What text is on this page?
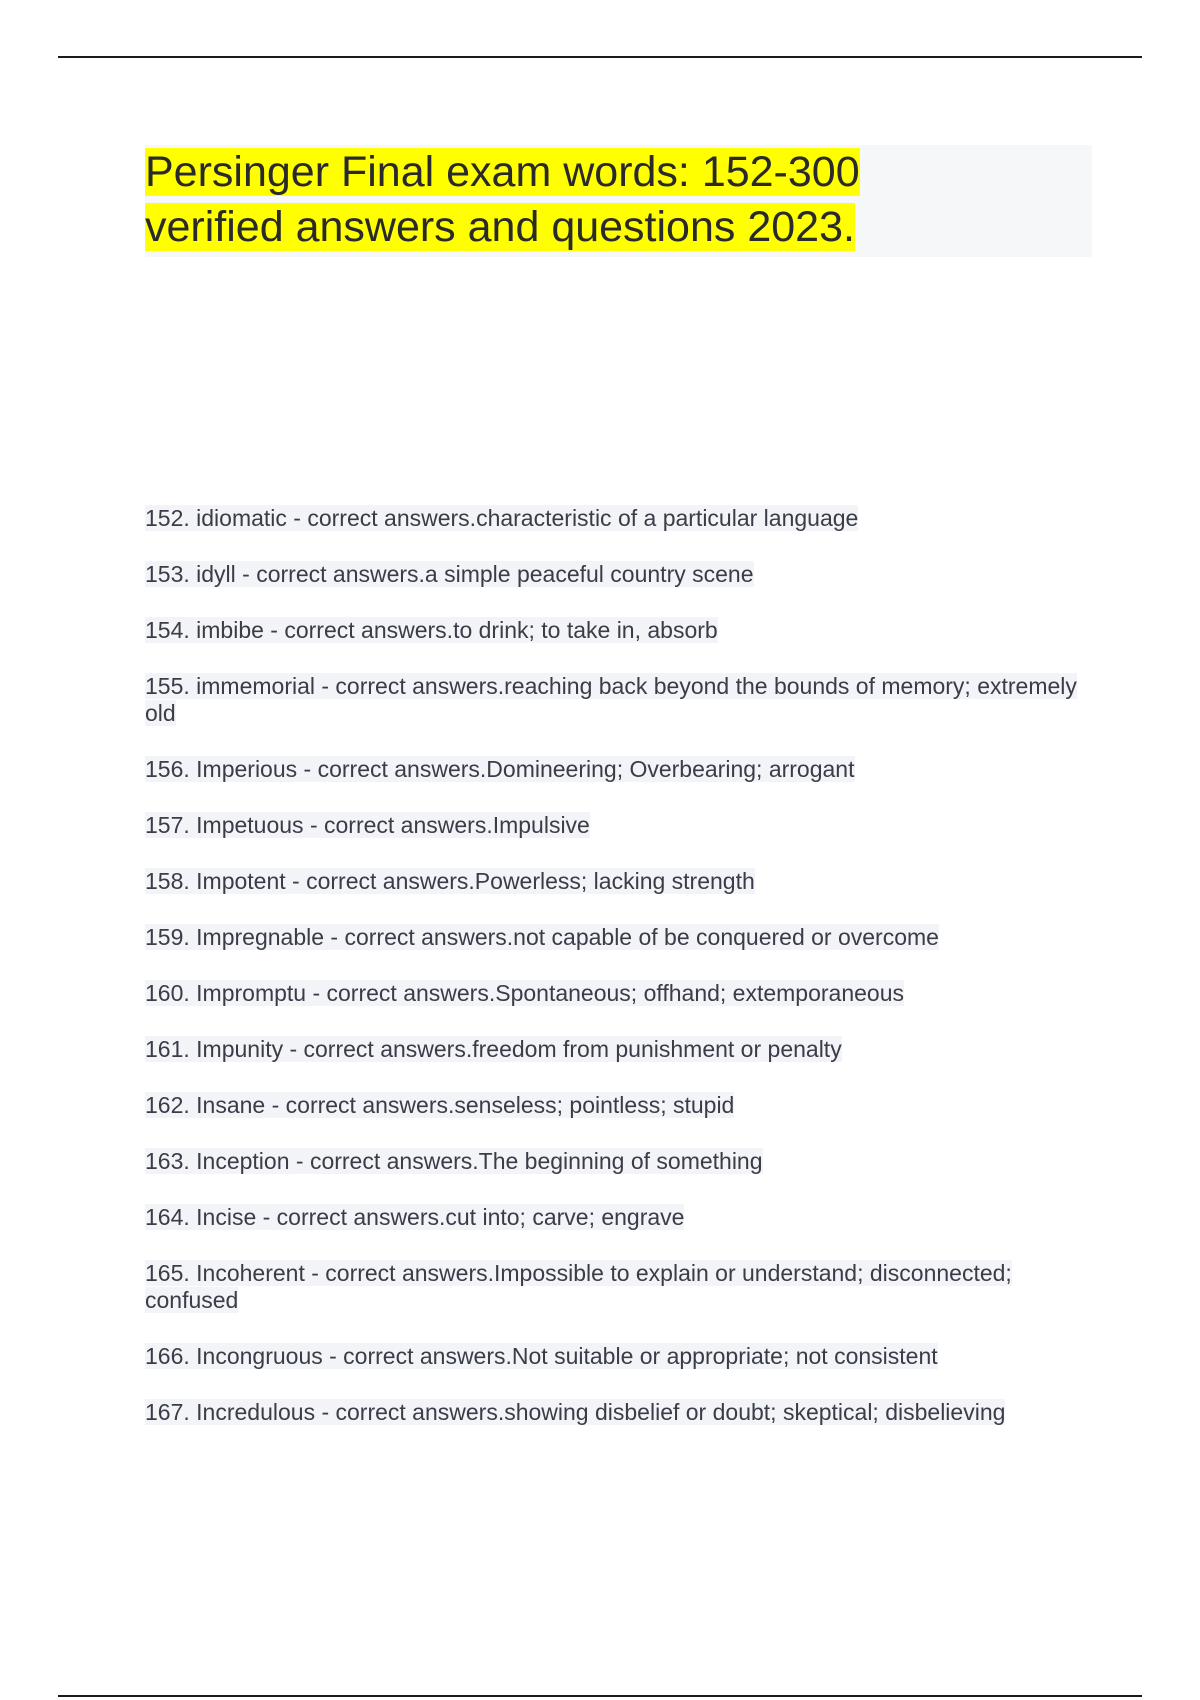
Persinger Final exam words: 152-300
verified answers and questions 2023.
152. idiomatic - correct answers.characteristic of a particular language
153. idyll - correct answers.a simple peaceful country scene
154. imbibe - correct answers.to drink; to take in, absorb
155. immemorial - correct answers.reaching back beyond the bounds of memory; extremely old
156. Imperious - correct answers.Domineering; Overbearing; arrogant
157. Impetuous - correct answers.Impulsive
158. Impotent - correct answers.Powerless; lacking strength
159. Impregnable - correct answers.not capable of be conquered or overcome
160. Impromptu - correct answers.Spontaneous; offhand; extemporaneous
161. Impunity - correct answers.freedom from punishment or penalty
162. Insane - correct answers.senseless; pointless; stupid
163. Inception - correct answers.The beginning of something
164. Incise - correct answers.cut into; carve; engrave
165. Incoherent - correct answers.Impossible to explain or understand; disconnected; confused
166. Incongruous - correct answers.Not suitable or appropriate; not consistent
167. Incredulous - correct answers.showing disbelief or doubt; skeptical; disbelieving
